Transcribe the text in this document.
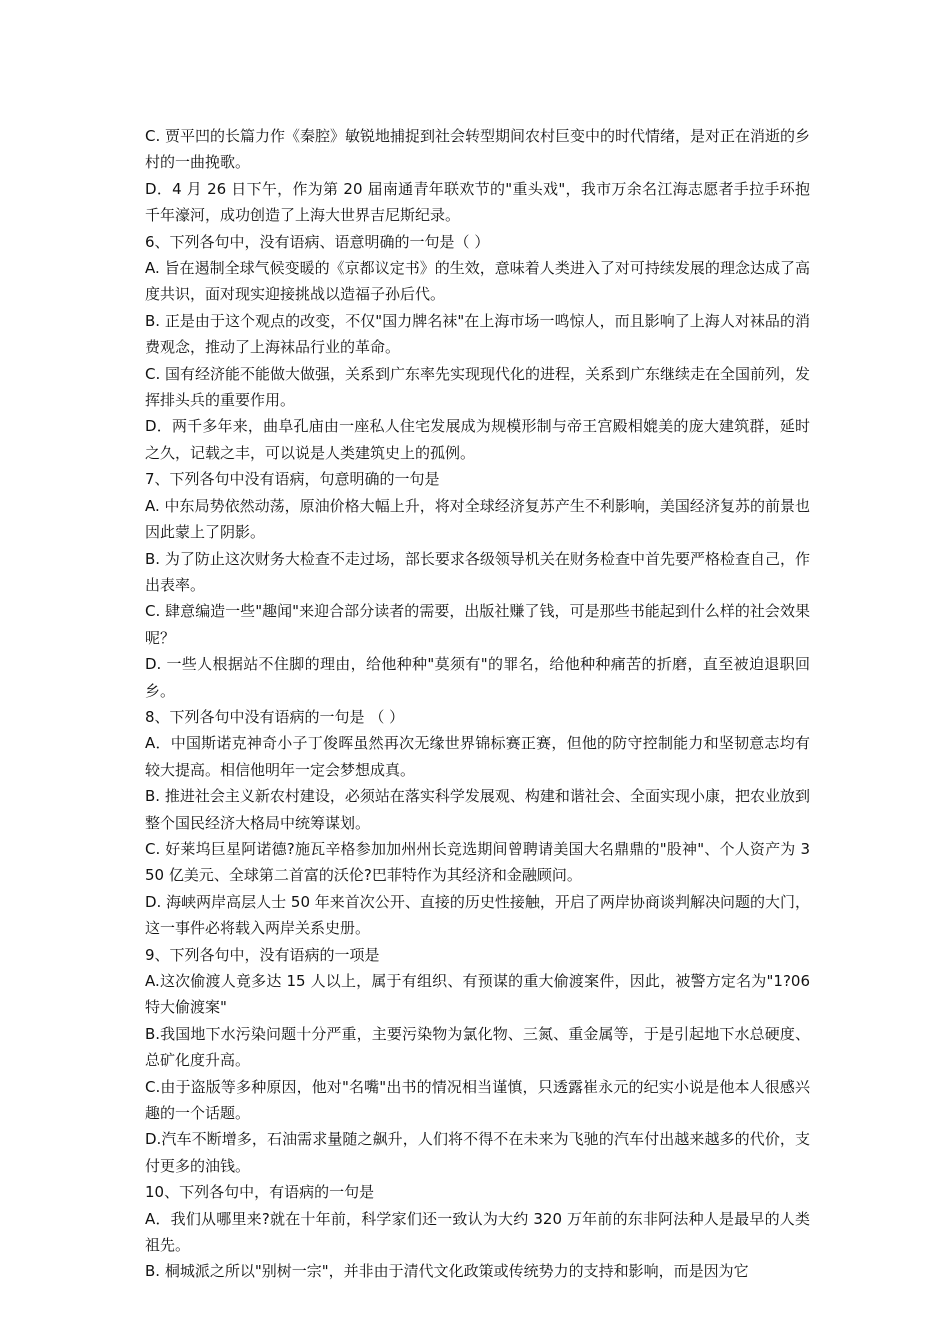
C. 贾平凹的长篇力作《秦腔》敏锐地捕捉到社会转型期间农村巨变中的时代情绪，是对正在消逝的乡村的一曲挽歌。

D．4 月 26 日下午，作为第 20 届南通青年联欢节的"重头戏"，我市万余名江海志愿者手拉手环抱千年濠河，成功创造了上海大世界吉尼斯纪录。

6、下列各句中，没有语病、语意明确的一句是（ ）

A. 旨在遏制全球气候变暖的《京都议定书》的生效，意味着人类进入了对可持续发展的理念达成了高度共识，面对现实迎接挑战以造福子孙后代。

B. 正是由于这个观点的改变，不仅"国力牌名袜"在上海市场一鸣惊人，而且影响了上海人对袜品的消费观念，推动了上海袜品行业的革命。

C. 国有经济能不能做大做强，关系到广东率先实现现代化的进程，关系到广东继续走在全国前列，发挥排头兵的重要作用。

D．两千多年来，曲阜孔庙由一座私人住宅发展成为规模形制与帝王宫殿相媲美的庞大建筑群，延时之久，记载之丰，可以说是人类建筑史上的孤例。

7、下列各句中没有语病，句意明确的一句是

A. 中东局势依然动荡，原油价格大幅上升，将对全球经济复苏产生不利影响，美国经济复苏的前景也因此蒙上了阴影。

B. 为了防止这次财务大检查不走过场，部长要求各级领导机关在财务检查中首先要严格检查自己，作出表率。

C. 肆意编造一些"趣闻"来迎合部分读者的需要，出版社赚了钱，可是那些书能起到什么样的社会效果呢？

D. 一些人根据站不住脚的理由，给他种种"莫须有"的罪名，给他种种痛苦的折磨，直至被迫退职回乡。

8、下列各句中没有语病的一句是 （ ）

A．中国斯诺克神奇小子丁俊晖虽然再次无缘世界锦标赛正赛，但他的防守控制能力和坚韧意志均有较大提高。相信他明年一定会梦想成真。

B. 推进社会主义新农村建设，必须站在落实科学发展观、构建和谐社会、全面实现小康，把农业放到整个国民经济大格局中统筹谋划。

C. 好莱坞巨星阿诺德?施瓦辛格参加加州州长竞选期间曾聘请美国大名鼎鼎的"股神"、个人资产为 350 亿美元、全球第二首富的沃伦?巴菲特作为其经济和金融顾问。

D. 海峡两岸高层人士 50 年来首次公开、直接的历史性接触，开启了两岸协商谈判解决问题的大门，这一事件必将载入两岸关系史册。

9、下列各句中，没有语病的一项是

A.这次偷渡人竟多达 15 人以上，属于有组织、有预谋的重大偷渡案件，因此，被警方定名为"1?06 特大偷渡案"

B.我国地下水污染问题十分严重，主要污染物为氯化物、三氮、重金属等，于是引起地下水总硬度、总矿化度升高。

C.由于盗版等多种原因，他对"名嘴"出书的情况相当谨慎，只透露崔永元的纪实小说是他本人很感兴趣的一个话题。

D.汽车不断增多，石油需求量随之飙升，人们将不得不在未来为飞驰的汽车付出越来越多的代价，支付更多的油钱。

10、下列各句中，有语病的一句是

A．我们从哪里来?就在十年前，科学家们还一致认为大约 320 万年前的东非阿法种人是最早的人类祖先。

B. 桐城派之所以"别树一宗"，并非由于清代文化政策或传统势力的支持和影响，而是因为它
